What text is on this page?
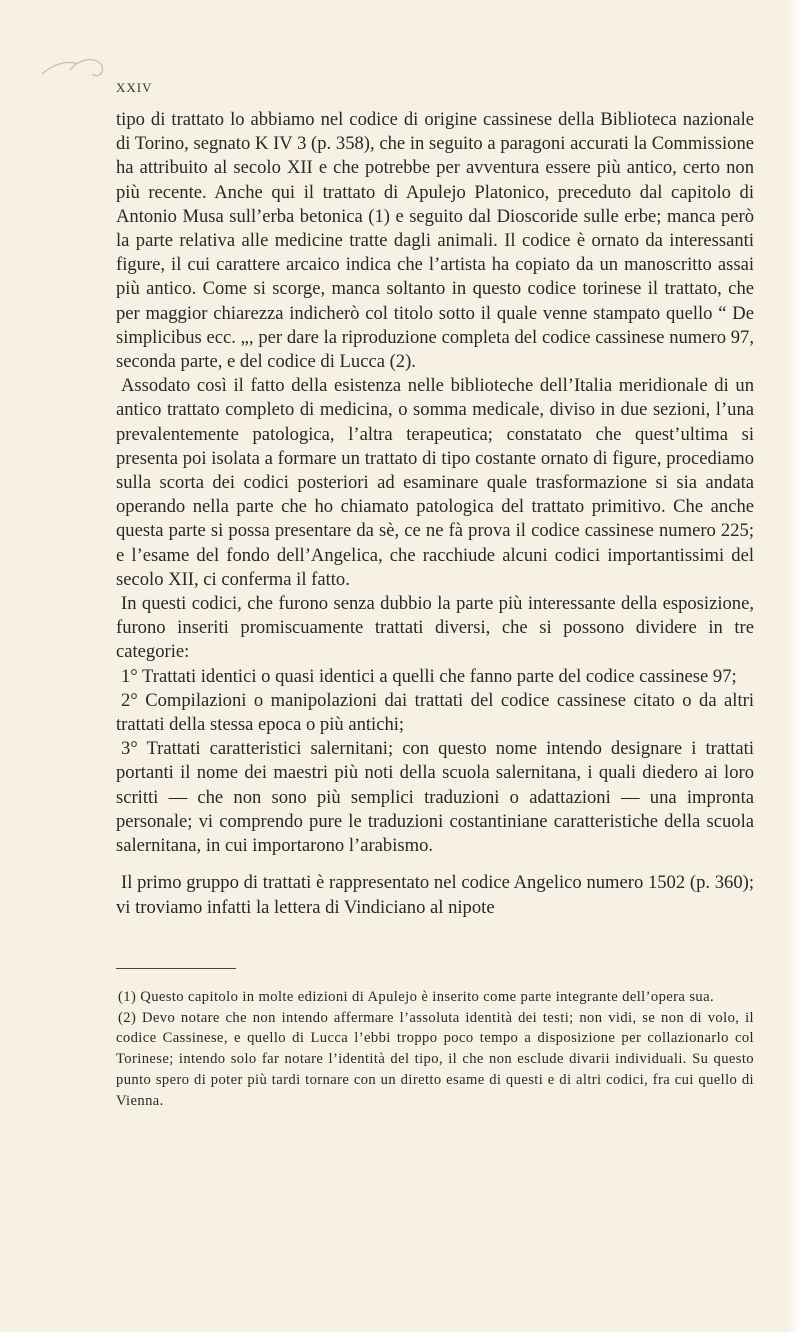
XXIV

tipo di trattato lo abbiamo nel codice di origine cassinese della Biblioteca nazionale di Torino, segnato K IV 3 (p. 358), che in seguito a paragoni accurati la Commissione ha attribuito al secolo XII e che potrebbe per avventura essere più antico, certo non più recente. Anche qui il trattato di Apulejo Platonico, preceduto dal capitolo di Antonio Musa sull’erba betonica (1) e seguito dal Dioscoride sulle erbe; manca però la parte relativa alle medicine tratte dagli animali. Il codice è ornato da interessanti figure, il cui carattere arcaico indica che l’artista ha copiato da un manoscritto assai più antico. Come si scorge, manca soltanto in questo codice torinese il trattato, che per maggior chiarezza indicherò col titolo sotto il quale venne stampato quello “ De simplicibus ecc. „, per dare la riproduzione completa del codice cassinese numero 97, seconda parte, e del codice di Lucca (2).

Assodato così il fatto della esistenza nelle biblioteche dell’Italia meridionale di un antico trattato completo di medicina, o somma medicale, diviso in due sezioni, l’una prevalentemente patologica, l’altra terapeutica; constatato che quest’ultima si presenta poi isolata a formare un trattato di tipo costante ornato di figure, procediamo sulla scorta dei codici posteriori ad esaminare quale trasformazione si sia andata operando nella parte che ho chiamato patologica del trattato primitivo. Che anche questa parte si possa presentare da sè, ce ne fà prova il codice cassinese numero 225; e l’esame del fondo dell’Angelica, che racchiude alcuni codici importantissimi del secolo XII, ci conferma il fatto.

In questi codici, che furono senza dubbio la parte più interessante della esposizione, furono inseriti promiscuamente trattati diversi, che si possono dividere in tre categorie:

1° Trattati identici o quasi identici a quelli che fanno parte del codice cassinese 97;

2° Compilazioni o manipolazioni dai trattati del codice cassinese citato o da altri trattati della stessa epoca o più antichi;

3° Trattati caratteristici salernitani; con questo nome intendo designare i trattati portanti il nome dei maestri più noti della scuola salernitana, i quali diedero ai loro scritti — che non sono più semplici traduzioni o adattazioni — una impronta personale; vi comprendo pure le traduzioni costantiniane caratteristiche della scuola salernitana, in cui importarono l’arabismo.

Il primo gruppo di trattati è rappresentato nel codice Angelico numero 1502 (p. 360); vi troviamo infatti la lettera di Vindiciano al nipote

(1) Questo capitolo in molte edizioni di Apulejo è inserito come parte integrante dell’opera sua.

(2) Devo notare che non intendo affermare l’assoluta identità dei testi; non vidi, se non di volo, il codice Cassinese, e quello di Lucca l’ebbi troppo poco tempo a disposizione per collazionarlo col Torinese; intendo solo far notare l’identità del tipo, il che non esclude divarii individuali. Su questo punto spero di poter più tardi tornare con un diretto esame di questi e di altri codici, fra cui quello di Vienna.
